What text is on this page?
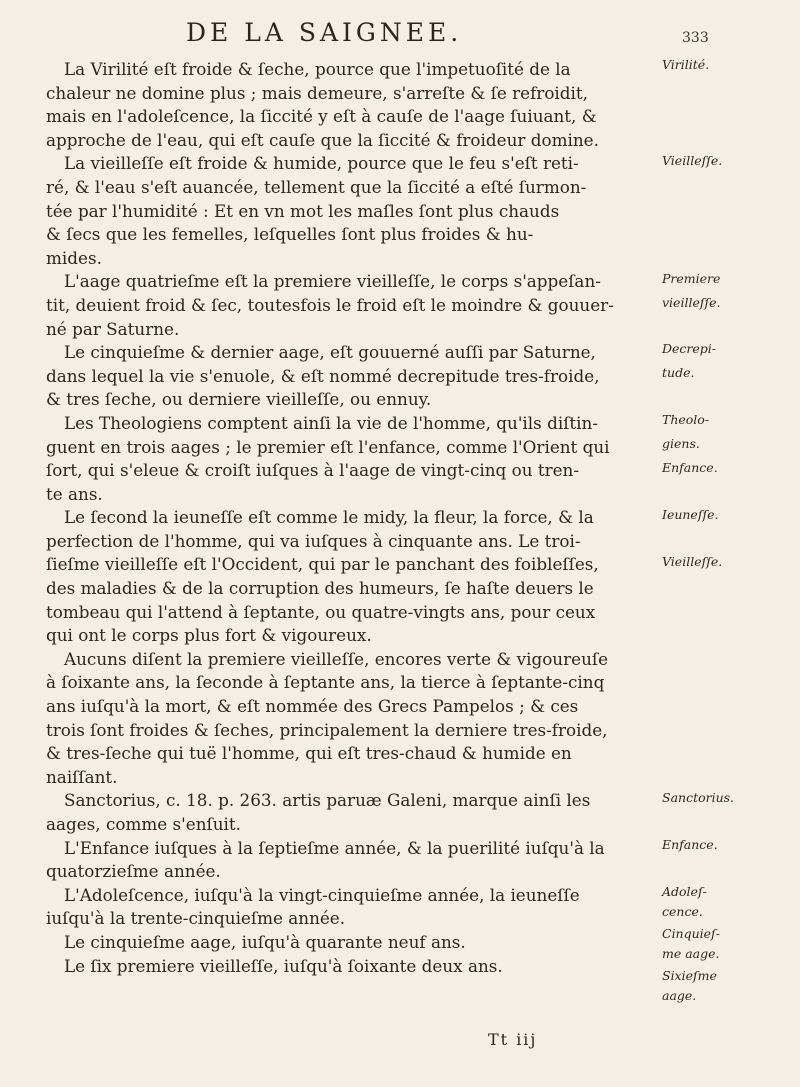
DE LA SAIGNEE.	333
La Virilité eſt froide & ſeche, pource que l'impetuoſité de la
chaleur ne domine plus ; mais demeure, s'arreſte & ſe refroidit,
mais en l'adoleſcence, la ſiccité y eſt à cauſe de l'aage ſuiuant, &
approche de l'eau, qui eſt cauſe que la ſiccité & froideur domine.
La vieilleſſe eſt froide & humide, pource que le feu s'eſt reti-
ré, & l'eau s'eſt auancée, tellement que la ſiccité a eſté ſurmon-
tée par l'humidité : Et en vn mot les maſles ſont plus chauds
& ſecs que les femelles, leſquelles ſont plus froides & hu-
mides.
L'aage quatrieſme eſt la premiere vieilleſſe, le corps s'appeſan-
tit, deuient froid & ſec, toutesfois le froid eſt le moindre & gouuer-
né par Saturne.
Le cinquieſme & dernier aage, eſt gouuerné auſſi par Saturne,
dans lequel la vie s'enuole, & eſt nommé decrepitude tres-froide,
& tres ſeche, ou derniere vieilleſſe, ou ennuy.
Les Theologiens comptent ainſi la vie de l'homme, qu'ils diſtin-
guent en trois aages ; le premier eſt l'enfance, comme l'Orient qui
ſort, qui s'eleue & croiſt iuſques à l'aage de vingt-cinq ou tren-
te ans.
Le ſecond la ieuneſſe eſt comme le midy, la fleur, la force, & la
perfection de l'homme, qui va iuſques à cinquante ans. Le troi-
ſieſme vieilleſſe eſt l'Occident, qui par le panchant des foibleſſes,
des maladies & de la corruption des humeurs, ſe haſte deuers le
tombeau qui l'attend à ſeptante, ou quatre-vingts ans, pour ceux
qui ont le corps plus fort & vigoureux.
Aucuns diſent la premiere vieilleſſe, encores verte & vigoureuſe
à ſoixante ans, la ſeconde à ſeptante ans, la tierce à ſeptante-cinq
ans iuſqu'à la mort, & eſt nommée des Grecs Pampelos ; & ces
trois ſont froides & ſeches, principalement la derniere tres-froide,
& tres-ſeche qui tuë l'homme, qui eſt tres-chaud & humide en
naiſſant.
Sanctorius, c. 18. p. 263. artis paruæ Galeni, marque ainſi les
aages, comme s'enſuit.
L'Enfance iuſques à la ſeptieſme année, & la puerilité iuſqu'à la
quatorzieſme année.
L'Adoleſcence, iuſqu'à la vingt-cinquieſme année, la ieuneſſe
iuſqu'à la trente-cinquieſme année.
Le cinquieſme aage, iuſqu'à quarante neuf ans.
Le ſix premiere vieilleſſe, iuſqu'à ſoixante deux ans.
Virilité.
Vieilleſſe.
Premiere
vieilleſſe.
Decrepi-
tude.
Theolo-
giens.
Enfance.
Ieuneſſe.
Vieilleſſe.
Sanctorius.
Enfance.
Adoleſ-
cence.
Cinquieſ-
me aage.
Sixieſme
aage.
Tt iij
